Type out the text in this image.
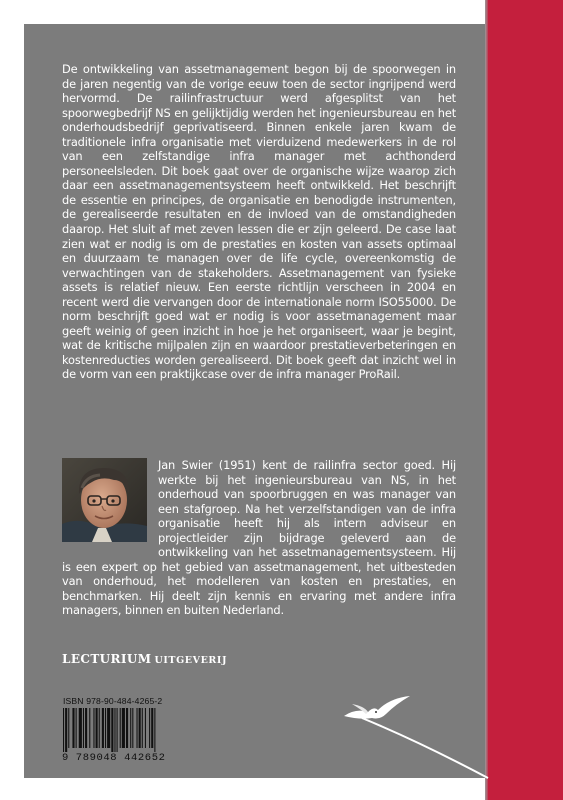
De ontwikkeling van assetmanagement begon bij de spoorwegen in de jaren negentig van de vorige eeuw toen de sector ingrijpend werd hervormd. De railinfrastructuur werd afgesplitst van het spoorwegbedrijf NS en gelijktijdig werden het ingenieursbureau en het onderhoudsbedrijf geprivatiseerd. Binnen enkele jaren kwam de traditionele infra organisatie met vierduizend medewerkers in de rol van een zelfstandige infra manager met achthonderd personeelsleden. Dit boek gaat over de organische wijze waarop zich daar een assetmanagementsysteem heeft ontwikkeld. Het beschrijft de essentie en principes, de organisatie en benodigde instrumenten, de gerealiseerde resultaten en de invloed van de omstandigheden daarop. Het sluit af met zeven lessen die er zijn geleerd. De case laat zien wat er nodig is om de prestaties en kosten van assets optimaal en duurzaam te managen over de life cycle, overeenkomstig de verwachtingen van de stakeholders. Assetmanagement van fysieke assets is relatief nieuw. Een eerste richtlijn verscheen in 2004 en recent werd die vervangen door de internationale norm ISO55000. De norm beschrijft goed wat er nodig is voor assetmanagement maar geeft weinig of geen inzicht in hoe je het organiseert, waar je begint, wat de kritische mijlpalen zijn en waardoor prestatieverbeteringen en kostenreducties worden gerealiseerd. Dit boek geeft dat inzicht wel in de vorm van een praktijkcase over de infra manager ProRail.

Jan Swier (1951) kent de railinfra sector goed. Hij werkte bij het ingenieursbureau van NS, in het onderhoud van spoorbruggen en was manager van een stafgroep. Na het verzelfstandigen van de infra organisatie heeft hij als intern adviseur en projectleider zijn bijdrage geleverd aan de ontwikkeling van het assetmanagementsysteem. Hij is een expert op het gebied van assetmanagement, het uitbesteden van onderhoud, het modelleren van kosten en prestaties, en benchmarken. Hij deelt zijn kennis en ervaring met andere infra managers, binnen en buiten Nederland.
LECTURIUM UITGEVERIJ
ISBN 978-90-484-4265-2
9 789048 442652
